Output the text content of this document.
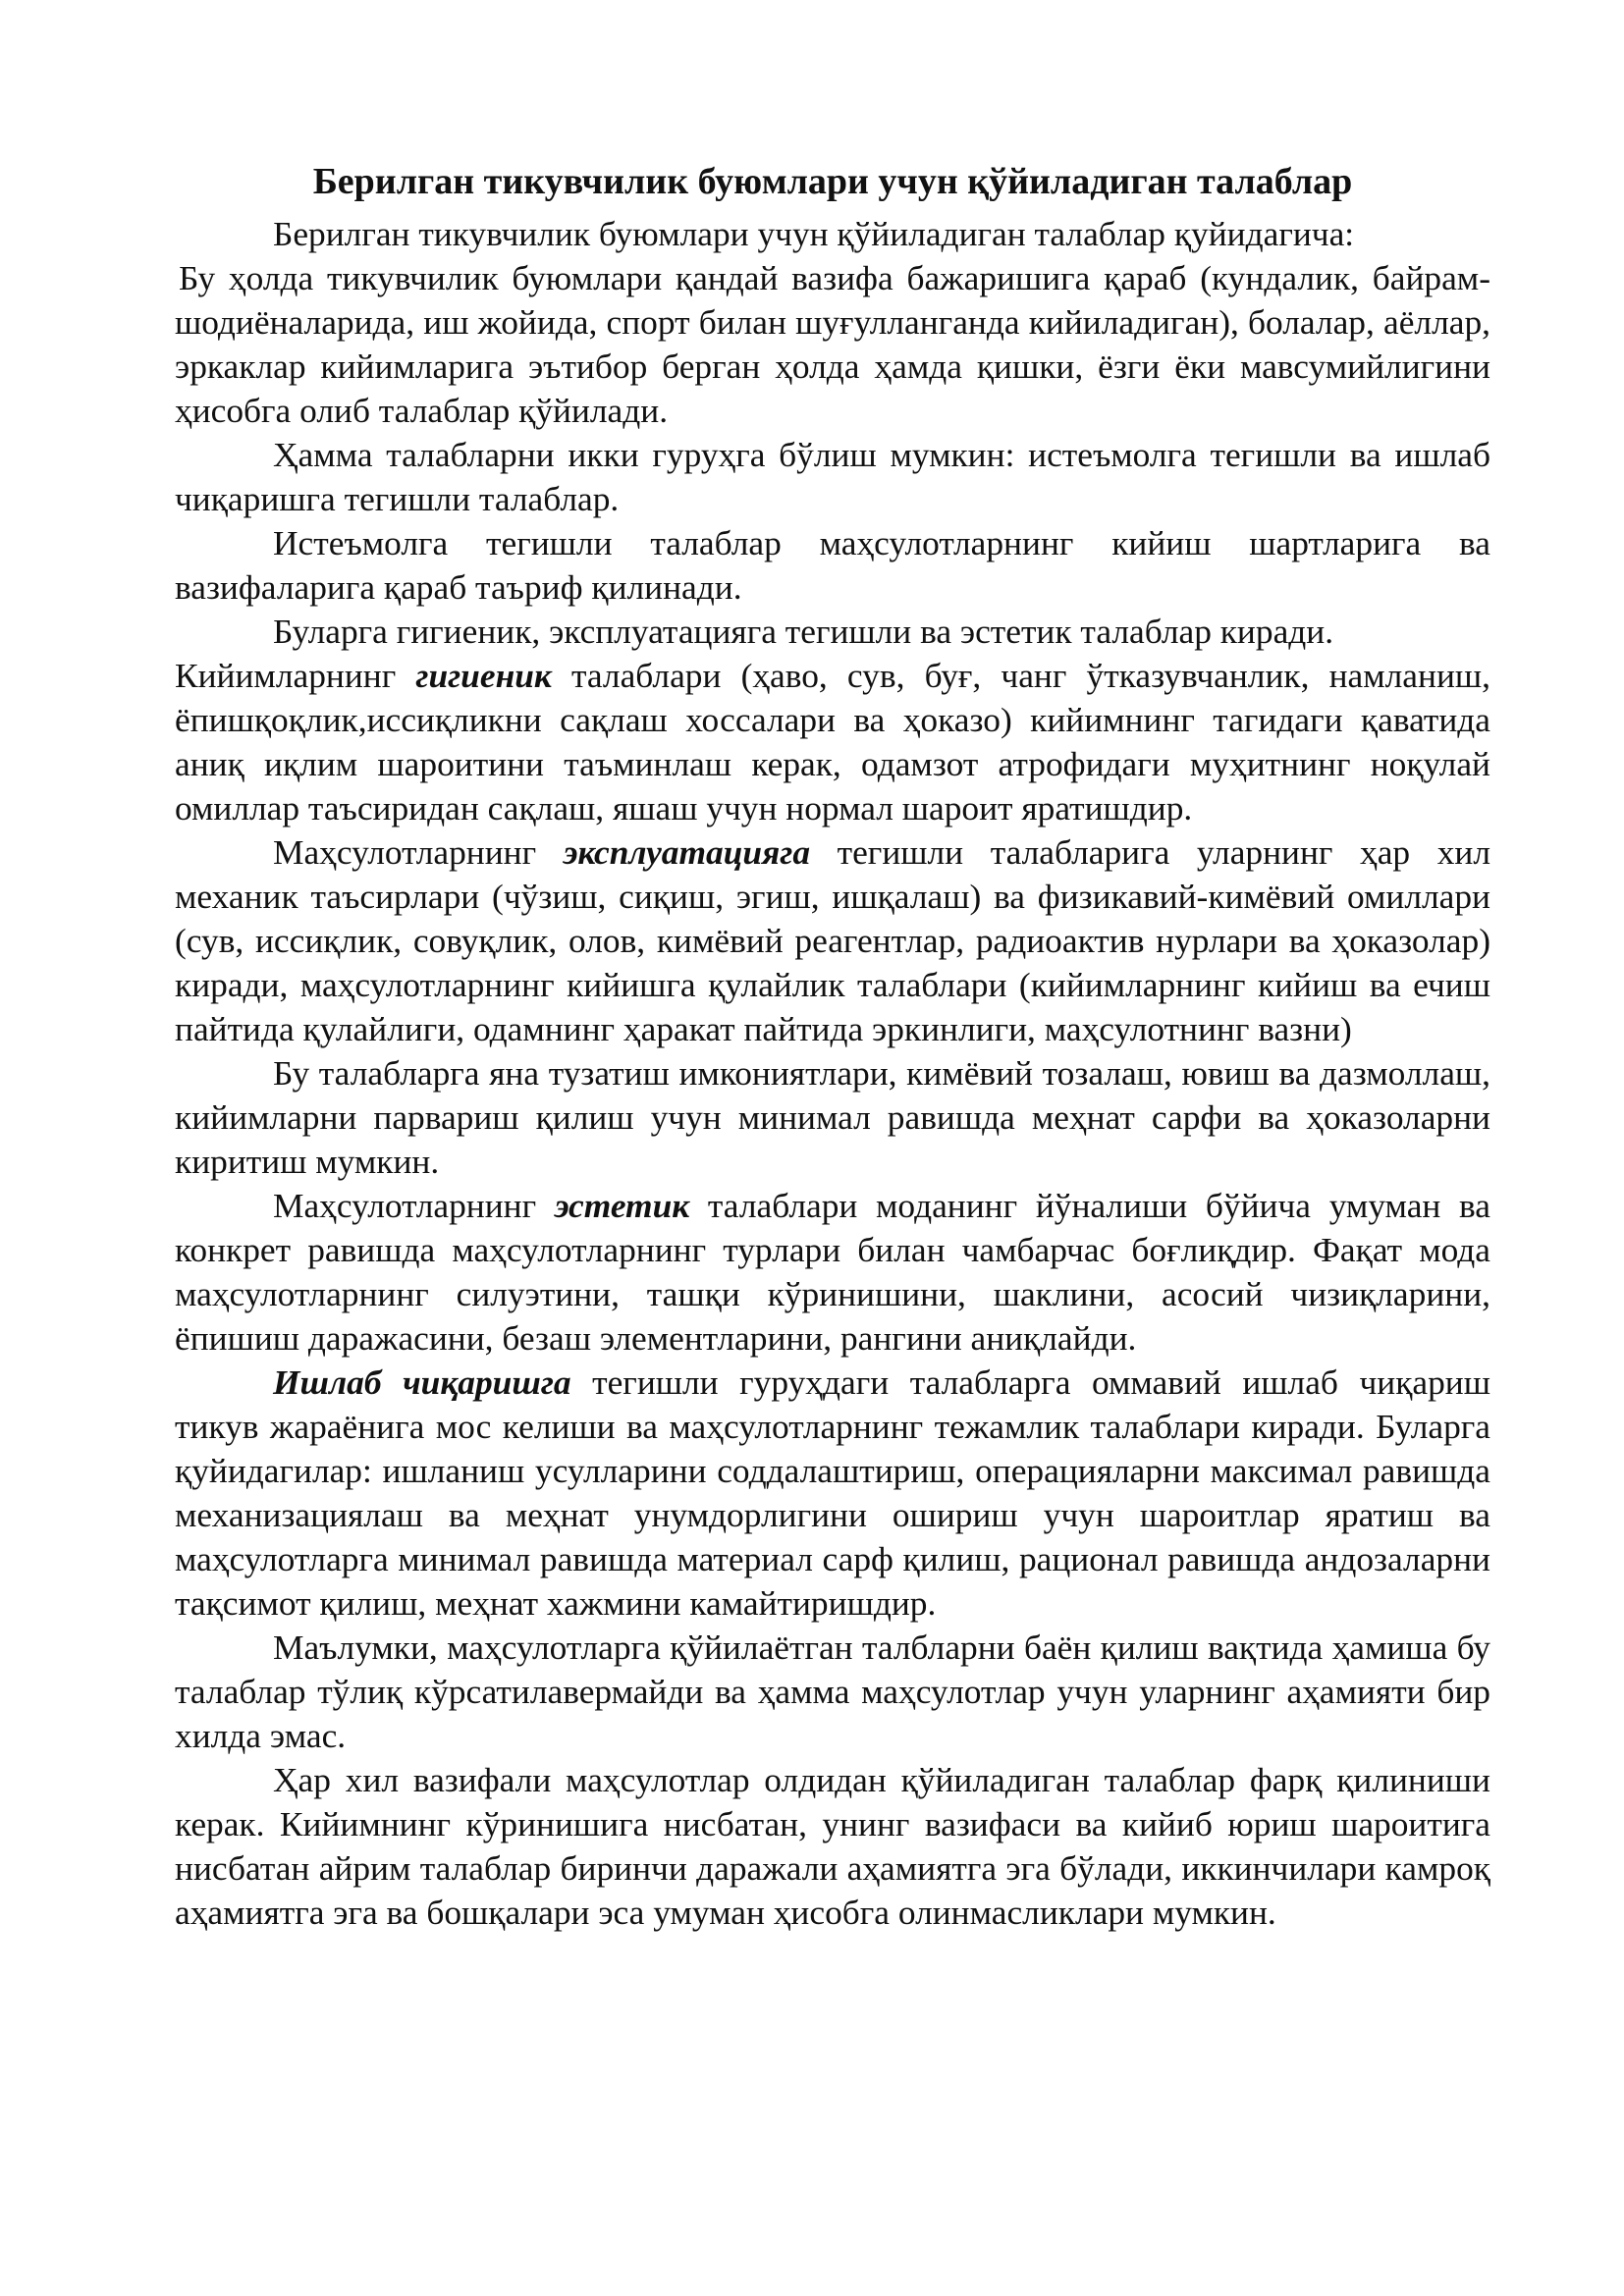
Берилган тикувчилик буюмлари учун қўйиладиган талаблар

Берилган тикувчилик буюмлари учун қўйиладиган талаблар қуйидагича:

Бу ҳолда тикувчилик буюмлари қандай вазифа бажаришига қараб (кундалик, байрам-шодиёналарида, иш жойида, спорт билан шуғулланганда кийиладиган), болалар, аёллар, эркаклар кийимларига эътибор берган ҳолда ҳамда қишки, ёзги ёки мавсумийлигини ҳисобга олиб талаблар қўйилади.

Ҳамма талабларни икки гуруҳга бўлиш мумкин: истеъмолга тегишли ва ишлаб чиқаришга тегишли талаблар.

Истеъмолга тегишли талаблар маҳсулотларнинг кийиш шартларига ва вазифаларига қараб таъриф қилинади.

Буларга гигиеник, эксплуатацияга тегишли ва эстетик талаблар киради.

Кийимларнинг гигиеник талаблари (ҳаво, сув, буғ, чанг ўтказувчанлик, намланиш, ёпишқоқлик,иссиқликни сақлаш хоссалари ва ҳоказо) кийимнинг тагидаги қаватида аниқ иқлим шароитини таъминлаш керак, одамзот атрофидаги муҳитнинг ноқулай омиллар таъсиридан сақлаш, яшаш учун нормал шароит яратишдир.

Маҳсулотларнинг эксплуатацияга тегишли талабларига уларнинг ҳар хил механик таъсирлари (чўзиш, сиқиш, эгиш, ишқалаш) ва физикавий-кимёвий омиллари (сув, иссиқлик, совуқлик, олов, кимёвий реагентлар, радиоактив нурлари ва ҳоказолар) киради, маҳсулотларнинг кийишга қулайлик талаблари (кийимларнинг кийиш ва ечиш пайтида қулайлиги, одамнинг ҳаракат пайтида эркинлиги, маҳсулотнинг вазни)

Бу талабларга яна тузатиш имкониятлари, кимёвий тозалаш, ювиш ва дазмоллаш, кийимларни парвариш қилиш учун минимал равишда меҳнат сарфи ва ҳоказоларни киритиш мумкин.

Маҳсулотларнинг эстетик талаблари моданинг йўналиши бўйича умуман ва конкрет равишда маҳсулотларнинг турлари билан чамбарчас боғлиқдир. Фақат мода маҳсулотларнинг силуэтини, ташқи кўринишини, шаклини, асосий чизиқларини, ёпишиш даражасини, безаш элементларини, рангини аниқлайди.

Ишлаб чиқаришга тегишли гуруҳдаги талабларга оммавий ишлаб чиқариш тикув жараёнига мос келиши ва маҳсулотларнинг тежамлик талаблари киради. Буларга қуйидагилар: ишланиш усулларини соддалаштириш, операцияларни максимал равишда механизациялаш ва меҳнат унумдорлигини ошириш учун шароитлар яратиш ва маҳсулотларга минимал равишда материал сарф қилиш, рационал равишда андозаларни тақсимот қилиш, меҳнат хажмини камайтиришдир.

Маълумки, маҳсулотларга қўйилаётган талбларни баён қилиш вақтида ҳамиша бу талаблар тўлиқ кўрсатилавермайди ва ҳамма маҳсулотлар учун уларнинг аҳамияти бир хилда эмас.

Ҳар хил вазифали маҳсулотлар олдидан қўйиладиган талаблар фарқ қилиниши керак. Кийимнинг кўринишига нисбатан, унинг вазифаси ва кийиб юриш шароитига нисбатан айрим талаблар биринчи даражали аҳамиятга эга бўлади, иккинчилари камроқ аҳамиятга эга ва бошқалари эса умуман ҳисобга олинмасликлари мумкин.
